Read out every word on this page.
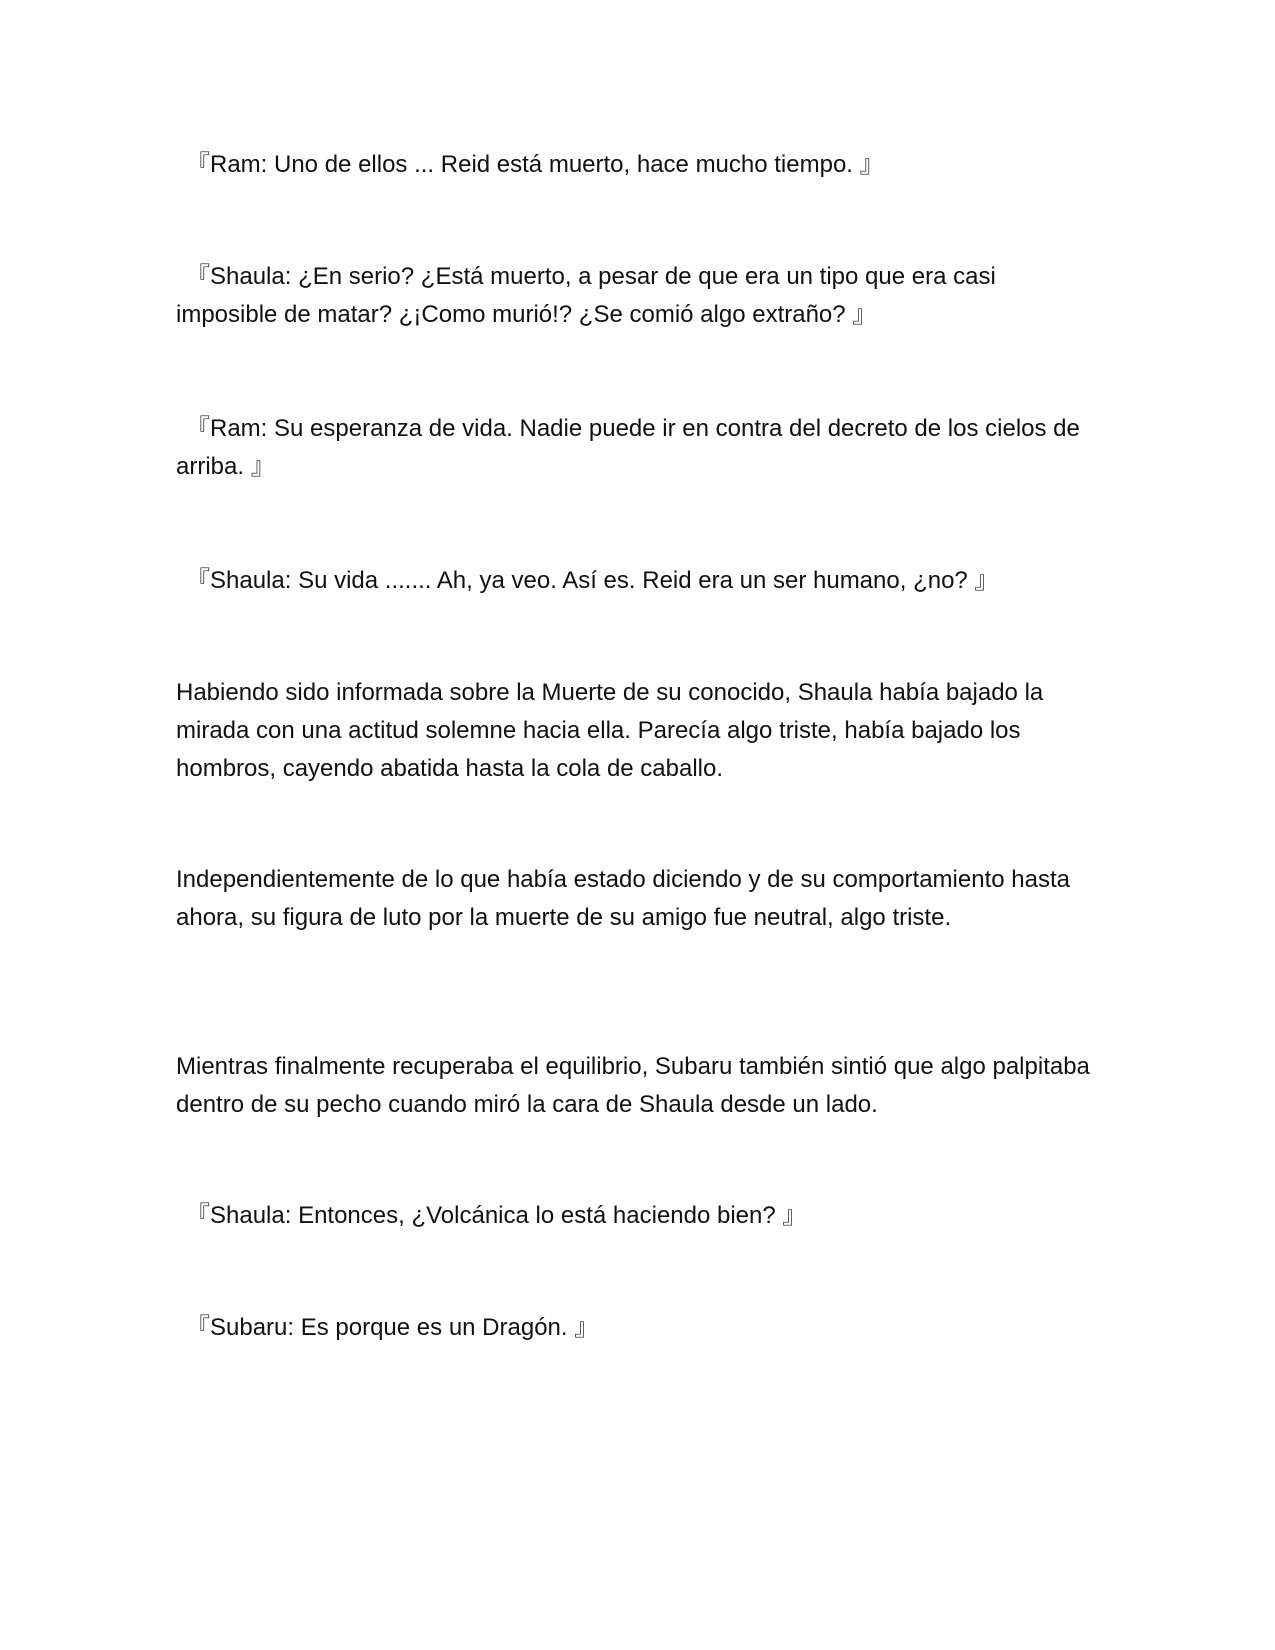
『Ram: Uno de ellos ... Reid está muerto, hace mucho tiempo. 』

『Shaula: ¿En serio? ¿Está muerto, a pesar de que era un tipo que era casi imposible de matar? ¿¡Como murió!? ¿Se comió algo extraño? 』

『Ram: Su esperanza de vida. Nadie puede ir en contra del decreto de los cielos de arriba. 』

『Shaula: Su vida ....... Ah, ya veo. Así es. Reid era un ser humano, ¿no? 』

Habiendo sido informada sobre la Muerte de su conocido, Shaula había bajado la mirada con una actitud solemne hacia ella. Parecía algo triste, había bajado los hombros, cayendo abatida hasta la cola de caballo.

Independientemente de lo que había estado diciendo y de su comportamiento hasta ahora, su figura de luto por la muerte de su amigo fue neutral, algo triste.

Mientras finalmente recuperaba el equilibrio, Subaru también sintió que algo palpitaba dentro de su pecho cuando miró la cara de Shaula desde un lado.

『Shaula: Entonces, ¿Volcánica lo está haciendo bien? 』

『Subaru: Es porque es un Dragón. 』
